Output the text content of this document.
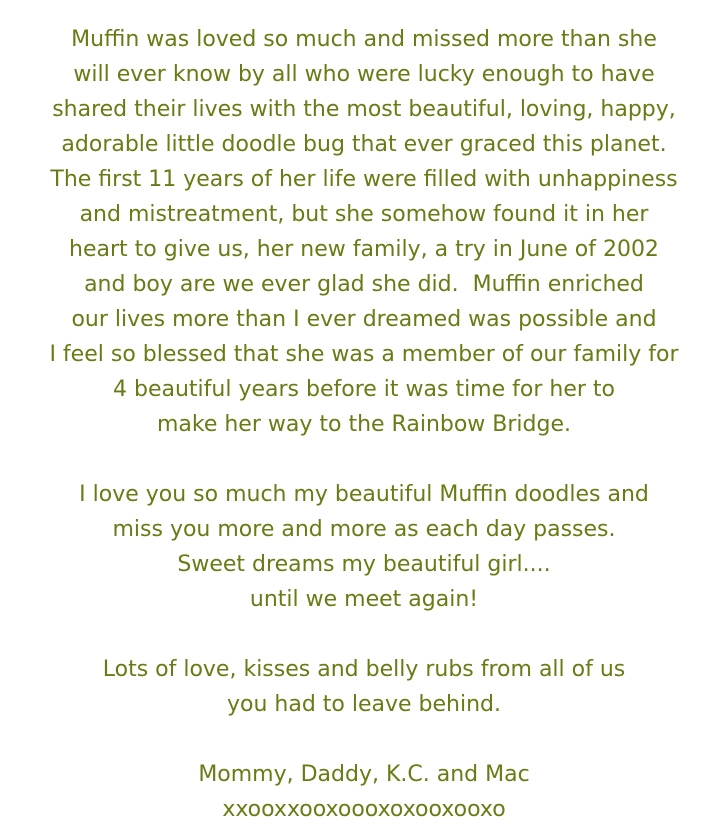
Muffin was loved so much and missed more than she
will ever know by all who were lucky enough to have
shared their lives with the most beautiful, loving, happy,
adorable little doodle bug that ever graced this planet.
The first 11 years of her life were filled with unhappiness
and mistreatment, but she somehow found it in her
heart to give us, her new family, a try in June of 2002
and boy are we ever glad she did.  Muffin enriched
our lives more than I ever dreamed was possible and
I feel so blessed that she was a member of our family for
4 beautiful years before it was time for her to
make her way to the Rainbow Bridge.
I love you so much my beautiful Muffin doodles and
miss you more and more as each day passes.
Sweet dreams my beautiful girl....
until we meet again!
Lots of love, kisses and belly rubs from all of us
you had to leave behind.
Mommy, Daddy, K.C. and Mac
xxooxxooxoooxoxooxooxo
